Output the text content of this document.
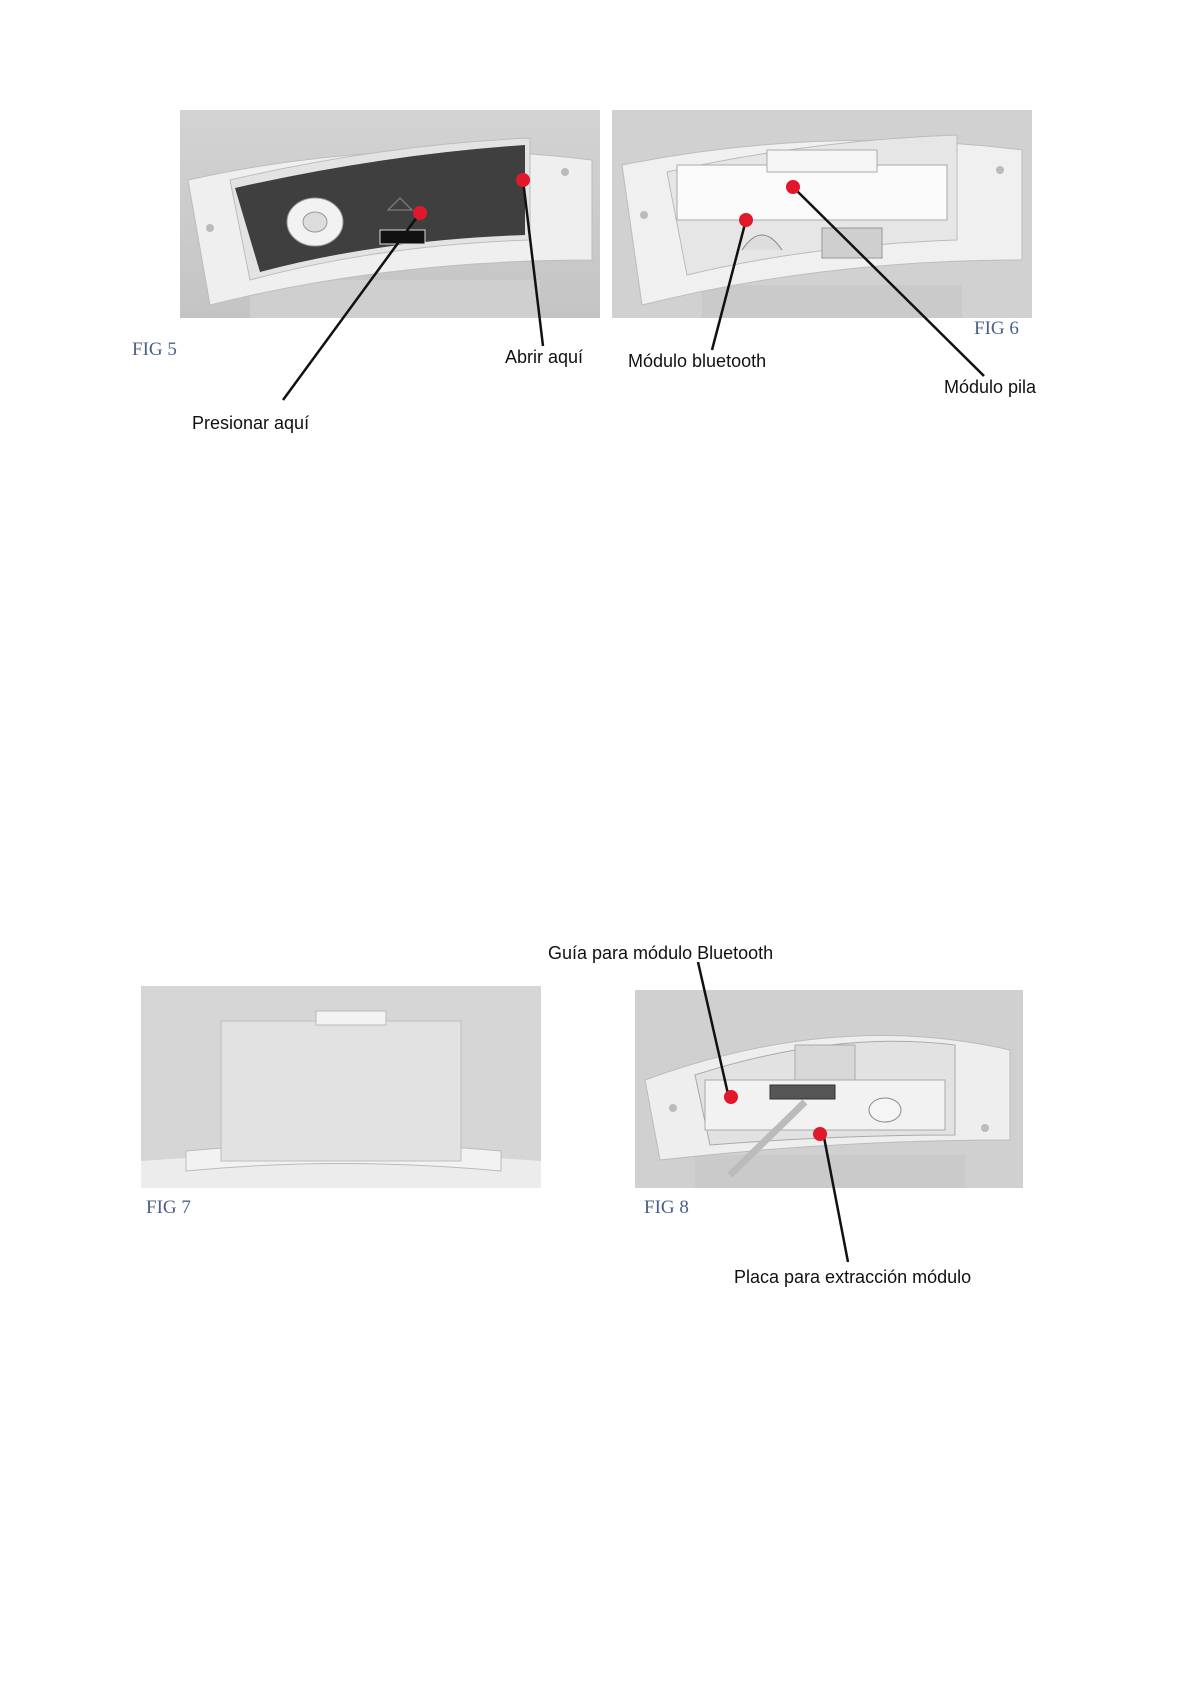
FIG 5
FIG 6
FIG 7	FIG 8
Abrir aquí
Presionar aquí
Módulo bluetooth
Módulo pila
Guía para módulo Bluetooth
Placa para extracción módulo
